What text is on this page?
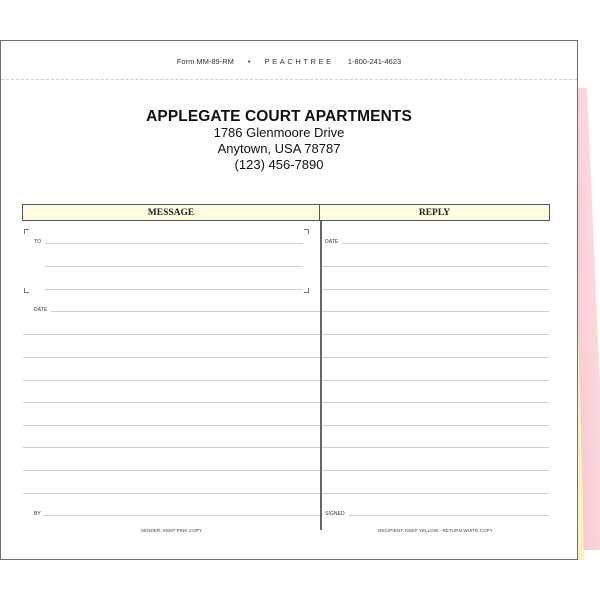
Form MM-89-RM • PEACHTREE 1-800-241-4623
APPLEGATE COURT APARTMENTS
1786 Glenmoore Drive
Anytown, USA 78787
(123) 456-7890
MESSAGE	REPLY
TO
DATE
BY
SENDER: KEEP PINK COPY
DATE
SIGNED
RECIPIENT: KEEP YELLOW - RETURN WHITE COPY
